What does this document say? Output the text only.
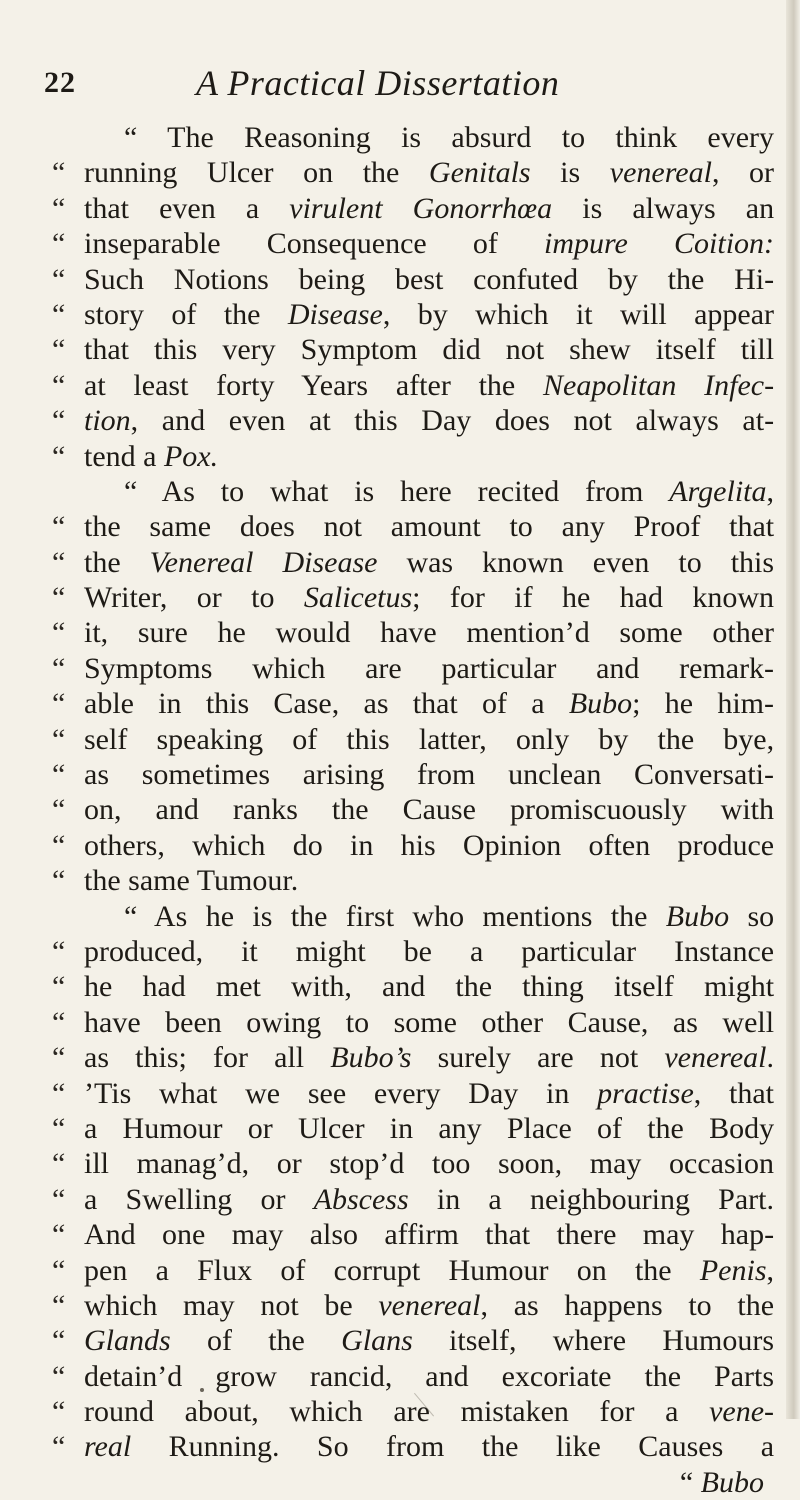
22	A Practical Dissertation
“ The Reasoning is absurd to think every
“ running Ulcer on the Genitals is venereal, or
“ that even a virulent Gonorrhœa is always an
“ inseparable Consequence of impure Coition:
“ Such Notions being best confuted by the Hi-
“ story of the Disease, by which it will appear
“ that this very Symptom did not shew itself till
“ at least forty Years after the Neapolitan Infec-
“ tion, and even at this Day does not always at-
“ tend a Pox.
“ As to what is here recited from Argelita,
“ the same does not amount to any Proof that
“ the Venereal Disease was known even to this
“ Writer, or to Salicetus; for if he had known
“ it, sure he would have mention’d some other
“ Symptoms which are particular and remark-
“ able in this Case, as that of a Bubo; he him-
“ self speaking of this latter, only by the bye,
“ as sometimes arising from unclean Conversati-
“ on, and ranks the Cause promiscuously with
“ others, which do in his Opinion often produce
“ the same Tumour.
“ As he is the first who mentions the Bubo so
“ produced, it might be a particular Instance
“ he had met with, and the thing itself might
“ have been owing to some other Cause, as well
“ as this; for all Bubo’s surely are not venereal.
“ ’Tis what we see every Day in practise, that
“ a Humour or Ulcer in any Place of the Body
“ ill manag’d, or stop’d too soon, may occasion
“ a Swelling or Abscess in a neighbouring Part.
“ And one may also affirm that there may hap-
“ pen a Flux of corrupt Humour on the Penis,
“ which may not be venereal, as happens to the
“ Glands of the Glans itself, where Humours
“ detain’d grow rancid, and excoriate the Parts
“ round about, which are mistaken for a vene-
“ real Running. So from the like Causes a
“ Bubo
